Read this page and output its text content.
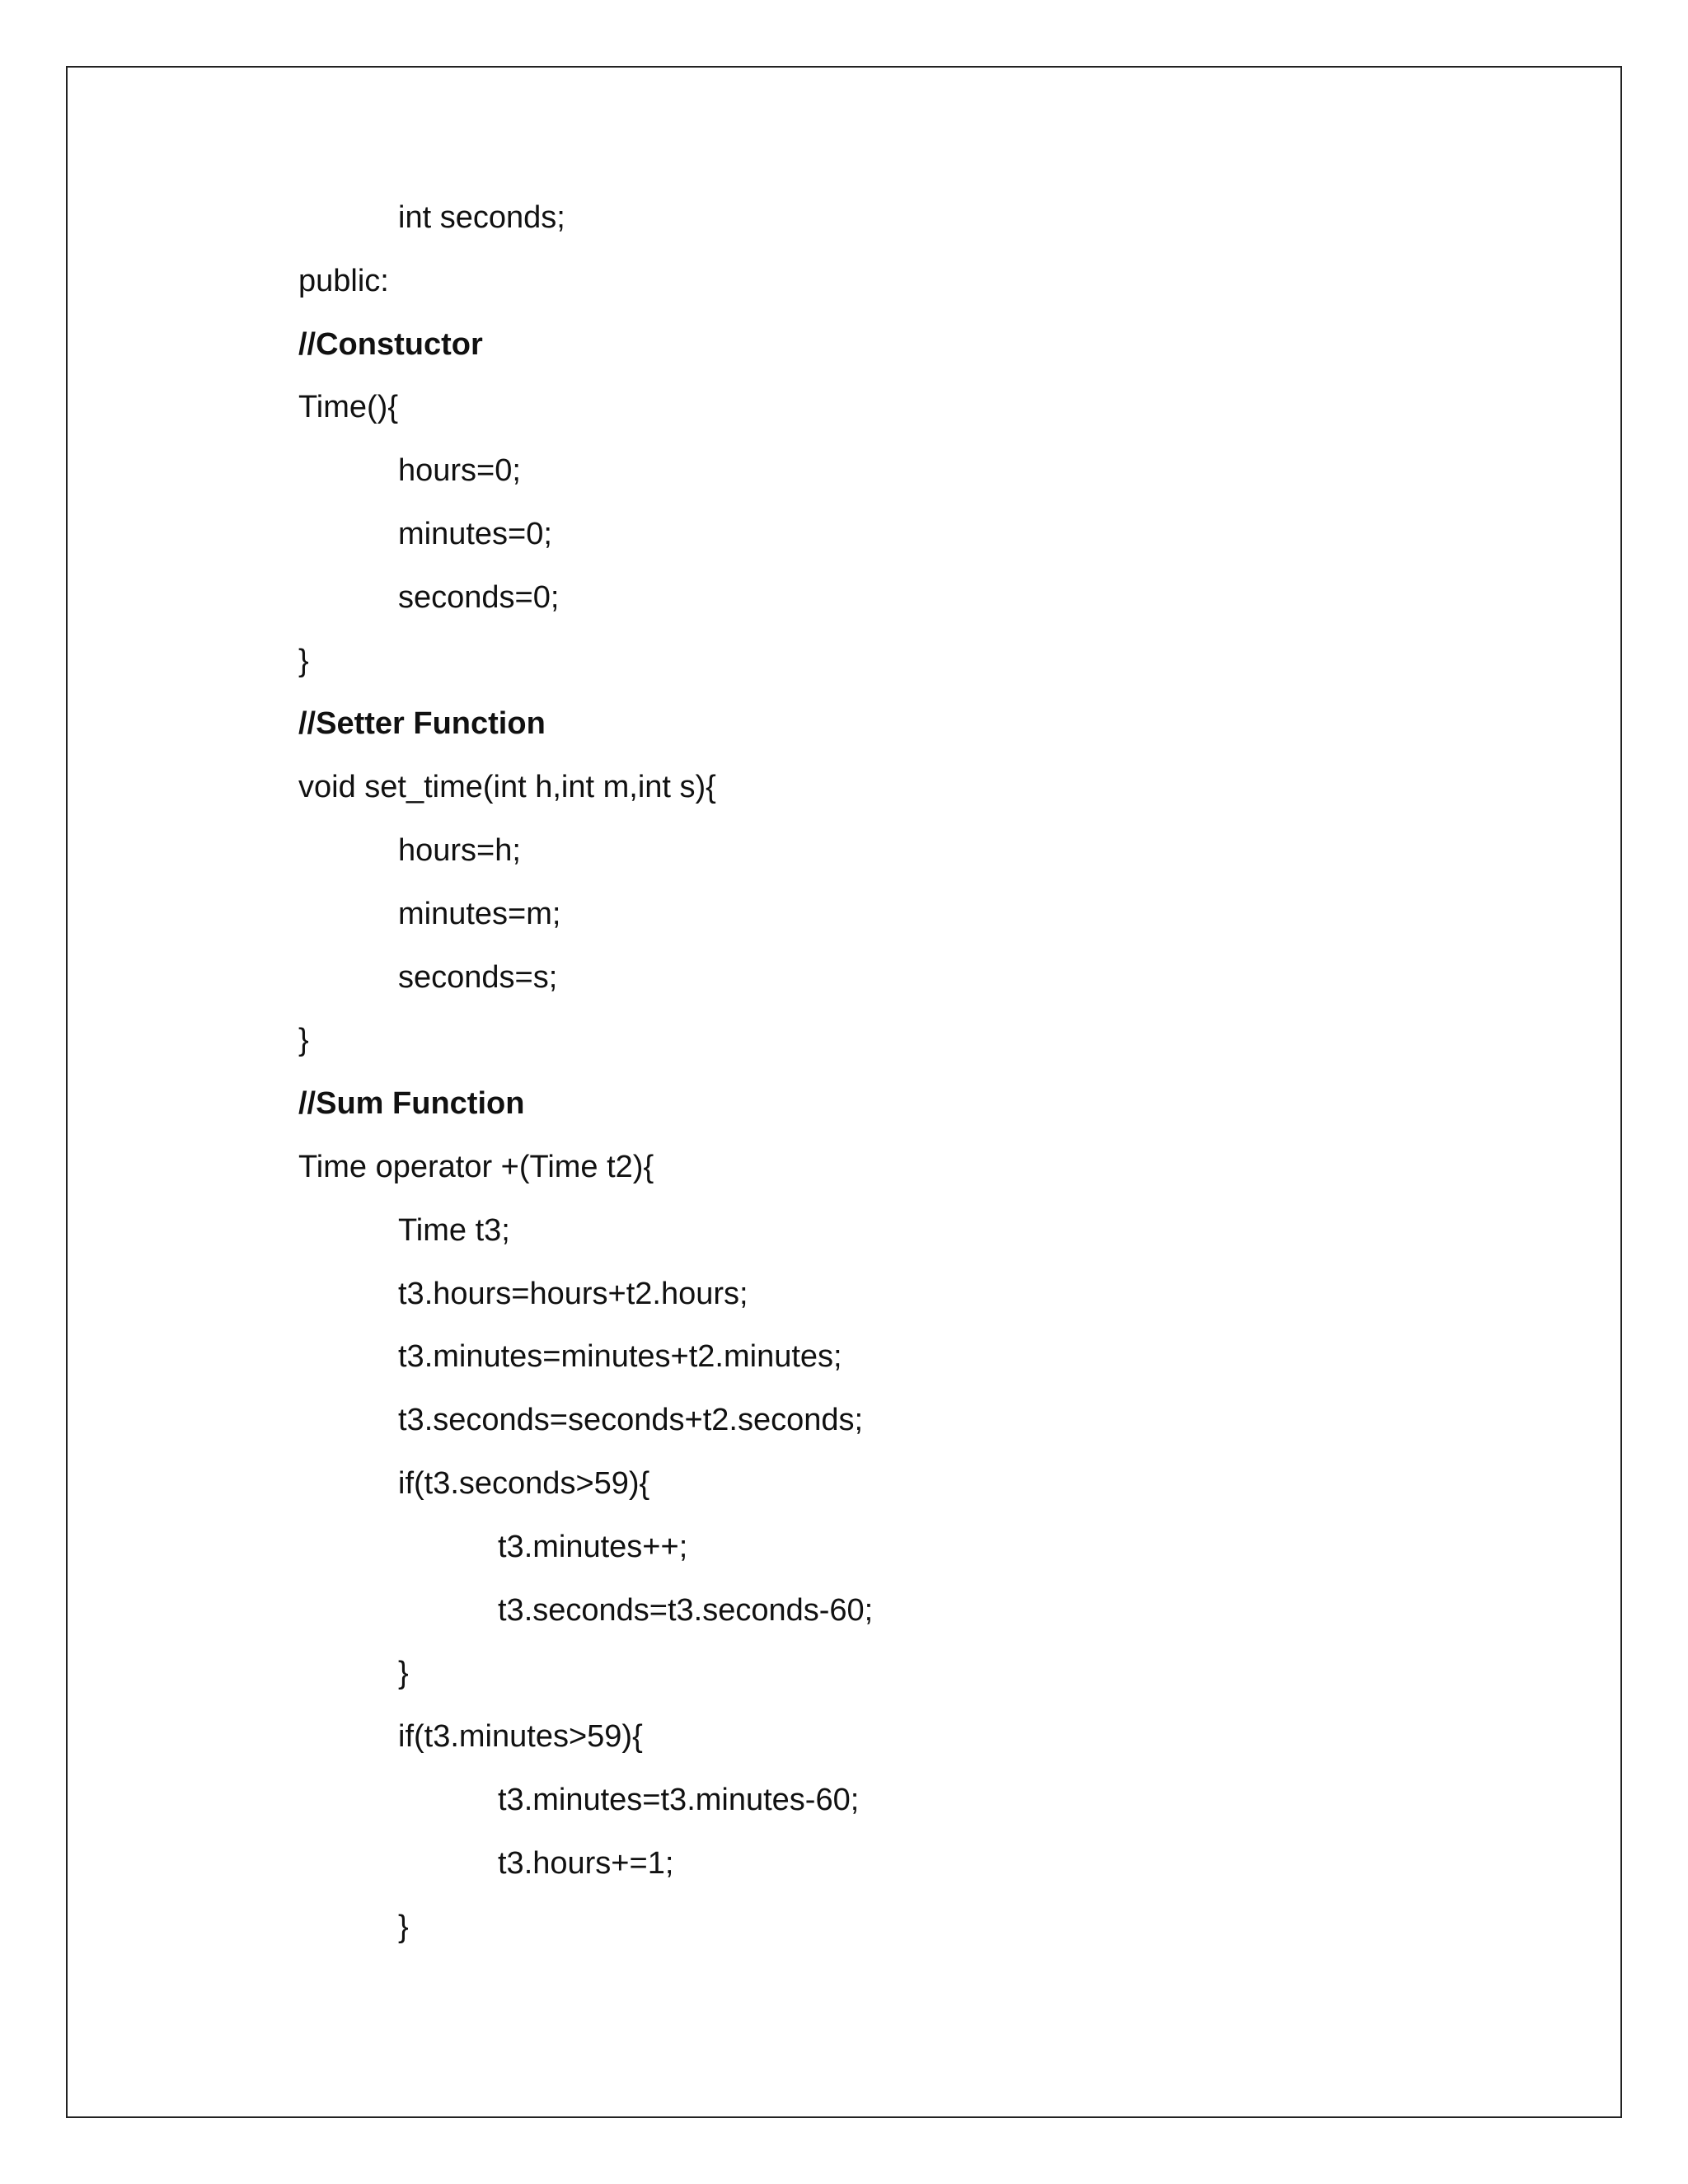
int seconds;
public:
//Constuctor
Time(){
hours=0;
minutes=0;
seconds=0;
}
//Setter Function
void set_time(int h,int m,int s){
hours=h;
minutes=m;
seconds=s;
}
//Sum Function
Time operator +(Time t2){
Time t3;
t3.hours=hours+t2.hours;
t3.minutes=minutes+t2.minutes;
t3.seconds=seconds+t2.seconds;
if(t3.seconds>59){
t3.minutes++;
t3.seconds=t3.seconds-60;
}
if(t3.minutes>59){
t3.minutes=t3.minutes-60;
t3.hours+=1;
}
